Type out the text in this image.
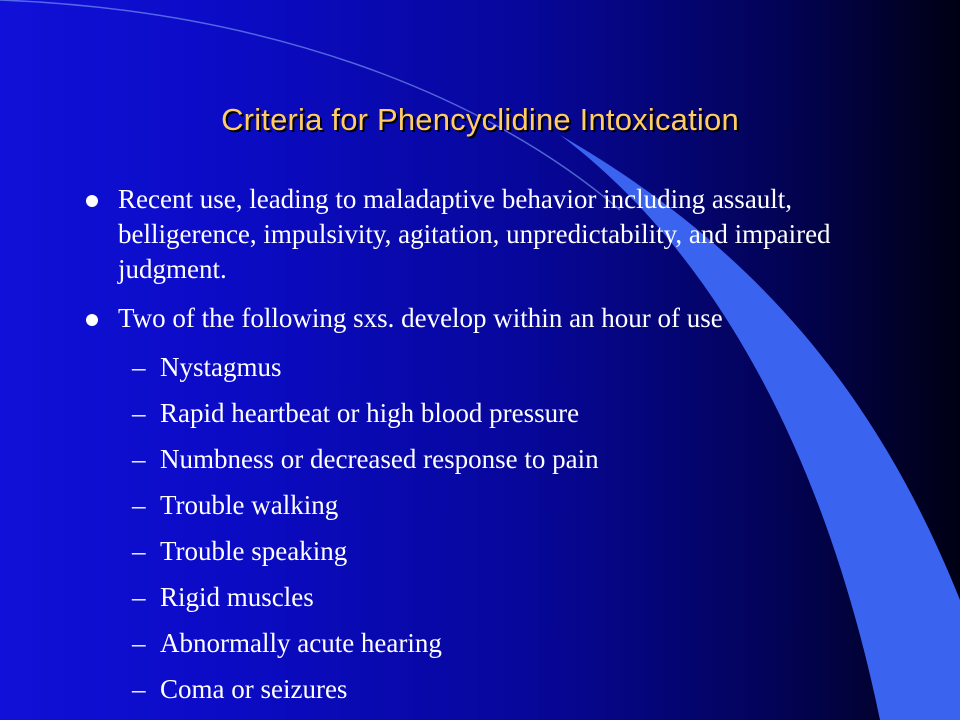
Criteria for Phencyclidine Intoxication
Recent use, leading to maladaptive behavior including assault, belligerence, impulsivity, agitation, unpredictability, and impaired judgment.
Two of the following sxs. develop within an hour of use
– Nystagmus
– Rapid heartbeat or high blood pressure
– Numbness or decreased response to pain
– Trouble walking
– Trouble speaking
– Rigid muscles
– Abnormally acute hearing
– Coma or seizures
